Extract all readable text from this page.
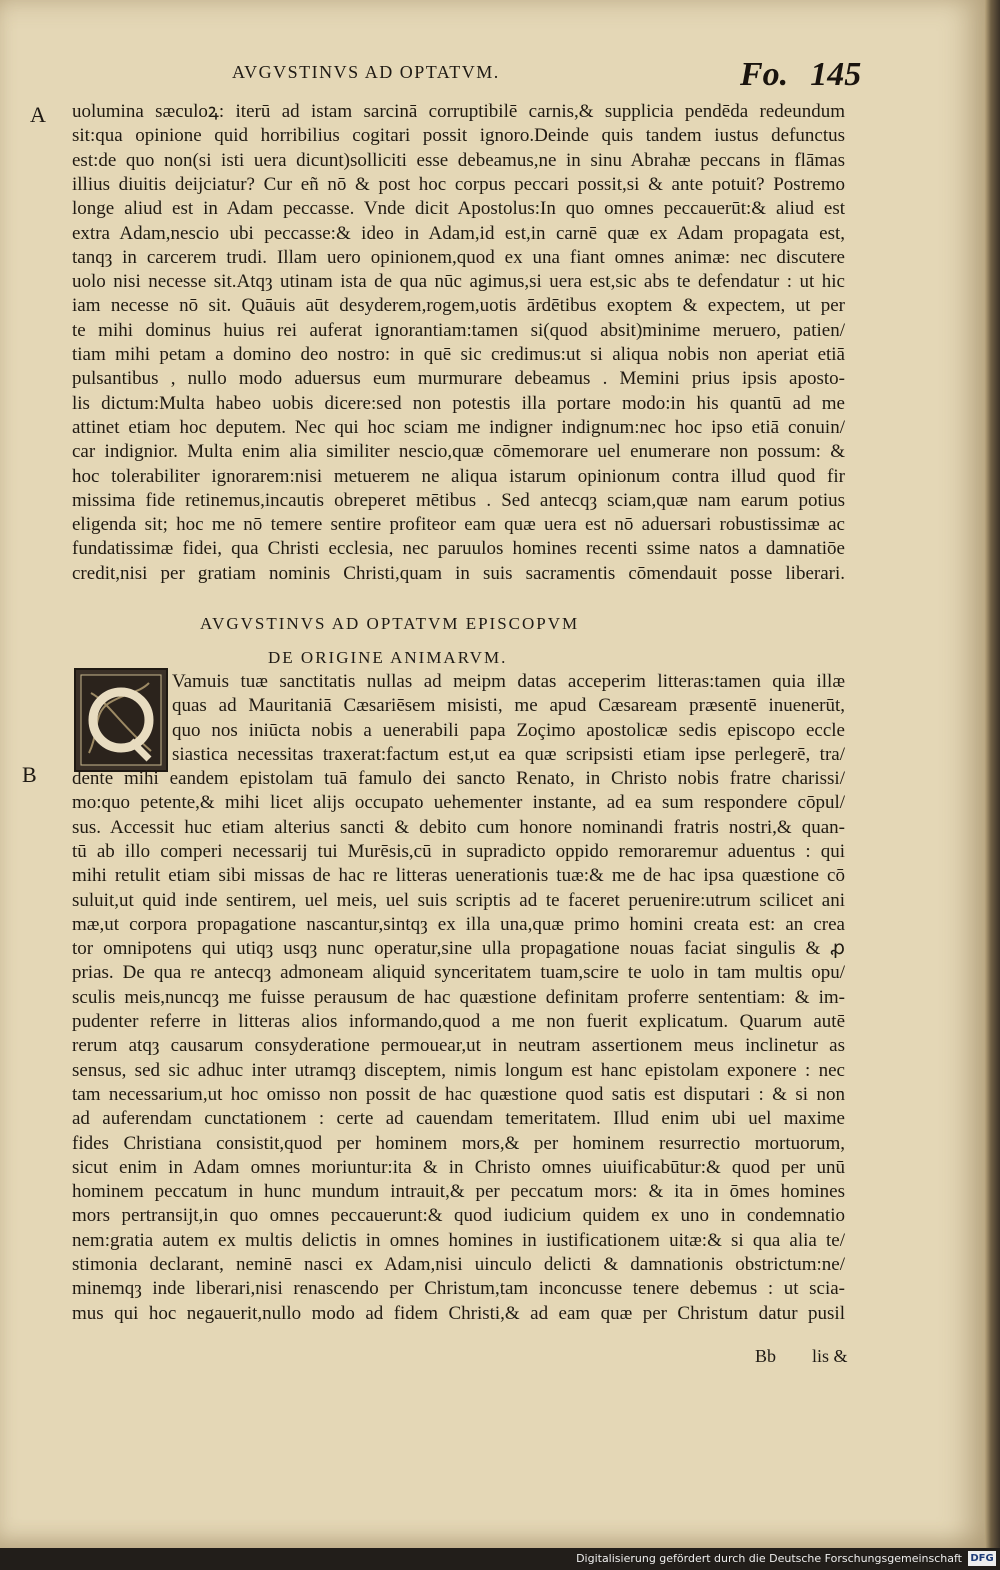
AVGVSTINVS AD OPTATVM.	Fo. 145
A
B
uolumina sæculoꝝ: iterū ad istam sarcinā corruptibilē carnis,& supplicia pendēda redeundum
sit:qua opinione quid horribilius cogitari possit ignoro.Deinde quis tandem iustus defunctus
est:de quo non(si isti uera dicunt)solliciti esse debeamus,ne in sinu Abrahæ peccans in flāmas
illius diuitis deijciatur? Cur eñ nō & post hoc corpus peccari possit,si & ante potuit? Postremo
longe aliud est in Adam peccasse. Vnde dicit Apostolus:In quo omnes peccauerūt:& aliud est
extra Adam,nescio ubi peccasse:& ideo in Adam,id est,in carnē quæ ex Adam propagata est,
tanqȝ in carcerem trudi. Illam uero opinionem,quod ex una fiant omnes animæ: nec discutere
uolo nisi necesse sit.Atqȝ utinam ista de qua nūc agimus,si uera est,sic abs te defendatur : ut hic
iam necesse nō sit. Quāuis aūt desyderem,rogem,uotis ārdētibus exoptem & expectem, ut per
te mihi dominus huius rei auferat ignorantiam:tamen si(quod absit)minime meruero, patien/
tiam mihi petam a domino deo nostro: in quē sic credimus:ut si aliqua nobis non aperiat etiā
pulsantibus , nullo modo aduersus eum murmurare debeamus . Memini prius ipsis aposto-
lis dictum:Multa habeo uobis dicere:sed non potestis illa portare modo:in his quantū ad me
attinet etiam hoc deputem. Nec qui hoc sciam me indigner indignum:nec hoc ipso etiā conuin/
car indignior. Multa enim alia similiter nescio,quæ cōmemorare uel enumerare non possum: &
hoc tolerabiliter ignorarem:nisi metuerem ne aliqua istarum opinionum contra illud quod fir
missima fide retinemus,incautis obreperet mētibus . Sed antecqȝ sciam,quæ nam earum potius
eligenda sit; hoc me nō temere sentire profiteor eam quæ uera est nō aduersari robustissimæ ac
fundatissimæ fidei, qua Christi ecclesia, nec paruulos homines recenti ssime natos a damnatiōe
credit,nisi per gratiam nominis Christi,quam in suis sacramentis cōmendauit posse liberari.
AVGVSTINVS AD OPTATVM EPISCOPVM
DE ORIGINE ANIMARVM.
Vamuis tuæ sanctitatis nullas ad meipm datas acceperim litteras:tamen quia illæ
quas ad Mauritaniā Cæsariēsem misisti, me apud Cæsaream præsentē inuenerūt,
quo nos iniūcta nobis a uenerabili papa Zoçimo apostolicæ sedis episcopo eccle
siastica necessitas traxerat:factum est,ut ea quæ scripsisti etiam ipse perlegerē, tra/
dente mihi eandem epistolam tuā famulo dei sancto Renato, in Christo nobis fratre charissi/
mo:quo petente,& mihi licet alijs occupato uehementer instante, ad ea sum respondere cōpul/
sus. Accessit huc etiam alterius sancti & debito cum honore nominandi fratris nostri,& quan-
tū ab illo comperi necessarij tui Murēsis,cū in supradicto oppido remoraremur aduentus : qui
mihi retulit etiam sibi missas de hac re litteras uenerationis tuæ:& me de hac ipsa quæstione cō
suluit,ut quid inde sentirem, uel meis, uel suis scriptis ad te faceret peruenire:utrum scilicet ani
mæ,ut corpora propagatione nascantur,sintqȝ ex illa una,quæ primo homini creata est: an crea
tor omnipotens qui utiqȝ usqȝ nunc operatur,sine ulla propagatione nouas faciat singulis & ꝓ
prias. De qua re antecqȝ admoneam aliquid synceritatem tuam,scire te uolo in tam multis opu/
sculis meis,nuncqȝ me fuisse perausum de hac quæstione definitam proferre sententiam: & im-
pudenter referre in litteras alios informando,quod a me non fuerit explicatum. Quarum autē
rerum atqȝ causarum consyderatione permouear,ut in neutram assertionem meus inclinetur as
sensus, sed sic adhuc inter utramqȝ disceptem, nimis longum est hanc epistolam exponere : nec
tam necessarium,ut hoc omisso non possit de hac quæstione quod satis est disputari : & si non
ad auferendam cunctationem : certe ad cauendam temeritatem. Illud enim ubi uel maxime
fides Christiana consistit,quod per hominem mors,& per hominem resurrectio mortuorum,
sicut enim in Adam omnes moriuntur:ita & in Christo omnes uiuificabūtur:& quod per unū
hominem peccatum in hunc mundum intrauit,& per peccatum mors: & ita in ōmes homines
mors pertransijt,in quo omnes peccauerunt:& quod iudicium quidem ex uno in condemnatio
nem:gratia autem ex multis delictis in omnes homines in iustificationem uitæ:& si qua alia te/
stimonia declarant, neminē nasci ex Adam,nisi uinculo delicti & damnationis obstrictum:ne/
minemqȝ inde liberari,nisi renascendo per Christum,tam inconcusse tenere debemus : ut scia-
mus qui hoc negauerit,nullo modo ad fidem Christi,& ad eam quæ per Christum datur pusil
Bb lis &
Digitalisierung gefördert durch die Deutsche Forschungsgemeinschaft DFG
